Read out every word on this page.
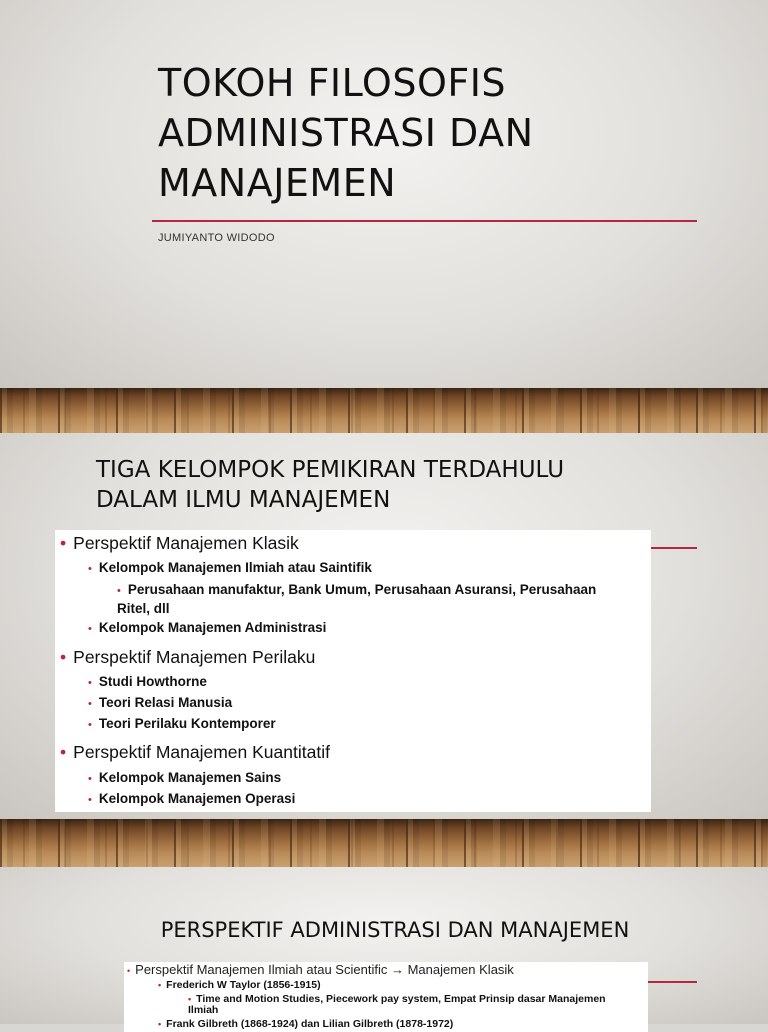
TOKOH FILOSOFIS
ADMINISTRASI DAN
MANAJEMEN
JUMIYANTO WIDODO
TIGA KELOMPOK PEMIKIRAN TERDAHULU
DALAM ILMU MANAJEMEN
• Perspektif Manajemen Klasik
• Kelompok Manajemen Ilmiah atau Saintifik
• Perusahaan manufaktur, Bank Umum, Perusahaan Asuransi, Perusahaan Ritel, dll
• Kelompok Manajemen Administrasi
• Perspektif Manajemen Perilaku
• Studi Howthorne
• Teori Relasi Manusia
• Teori Perilaku Kontemporer
• Perspektif Manajemen Kuantitatif
• Kelompok Manajemen Sains
• Kelompok Manajemen Operasi
PERSPEKTIF ADMINISTRASI DAN MANAJEMEN
• Perspektif Manajemen Ilmiah atau Scientific → Manajemen Klasik
• Frederich W Taylor (1856-1915)
• Time and Motion Studies, Piecework pay system, Empat Prinsip dasar Manajemen Ilmiah
• Frank Gilbreth (1868-1924) dan Lilian Gilbreth (1878-1972)
